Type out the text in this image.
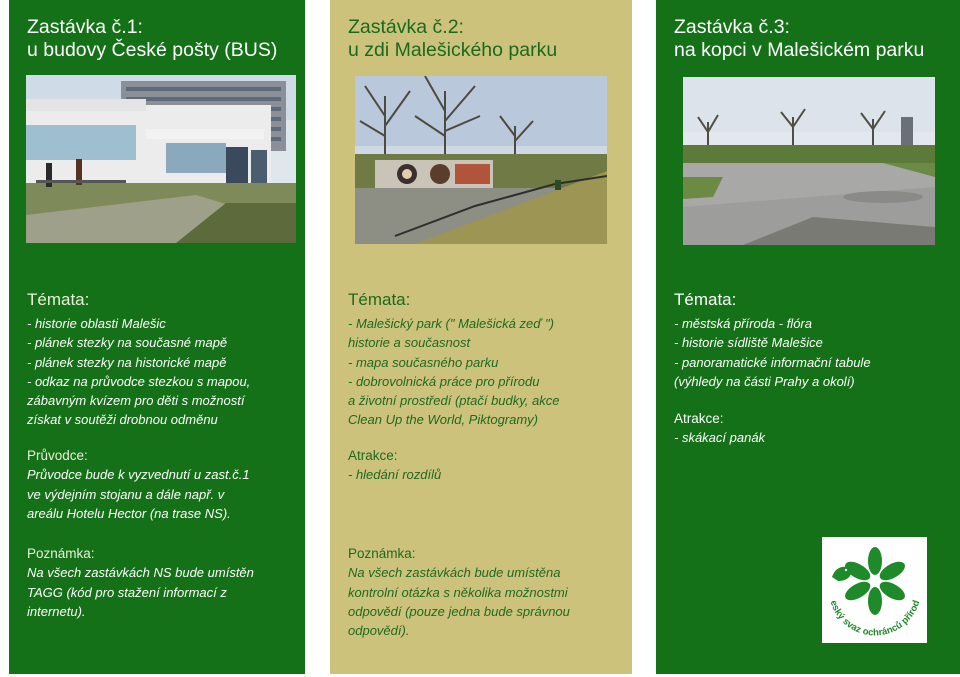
Zastávka č.1:
u budovy České pošty (BUS)
Témata:
- historie oblasti Malešic
- plánek stezky na současné mapě
- plánek stezky na historické mapě
- odkaz na průvodce stezkou s mapou,
zábavným kvízem pro děti s možností
získat v soutěži drobnou odměnu
Průvodce:
Průvodce bude k vyzvednutí u zast.č.1
ve výdejním stojanu a dále např. v
areálu Hotelu Hector (na trase NS).
Poznámka:
Na všech zastávkách NS bude umístěn
TAGG (kód pro stažení informací z
internetu).
Zastávka č.2:
u zdi Malešického parku
Témata:
- Malešický park (" Malešická zeď ")
historie a současnost
- mapa současného parku
- dobrovolnická práce pro přírodu
a životní prostředí (ptačí budky, akce
Clean Up the World, Piktogramy)
Atrakce:
- hledání rozdílů
Poznámka:
Na všech zastávkách bude umístěna
kontrolní otázka s několika možnostmi
odpovědí (pouze jedna bude správnou
odpovědí).
Zastávka č.3:
na kopci v Malešickém parku
Témata:
- městská příroda - flóra
- historie sídliště Malešice
- panoramatické informační tabule
(výhledy na části Prahy a okolí)
Atrakce:
- skákací panák
eský svaz ochránců přírod
